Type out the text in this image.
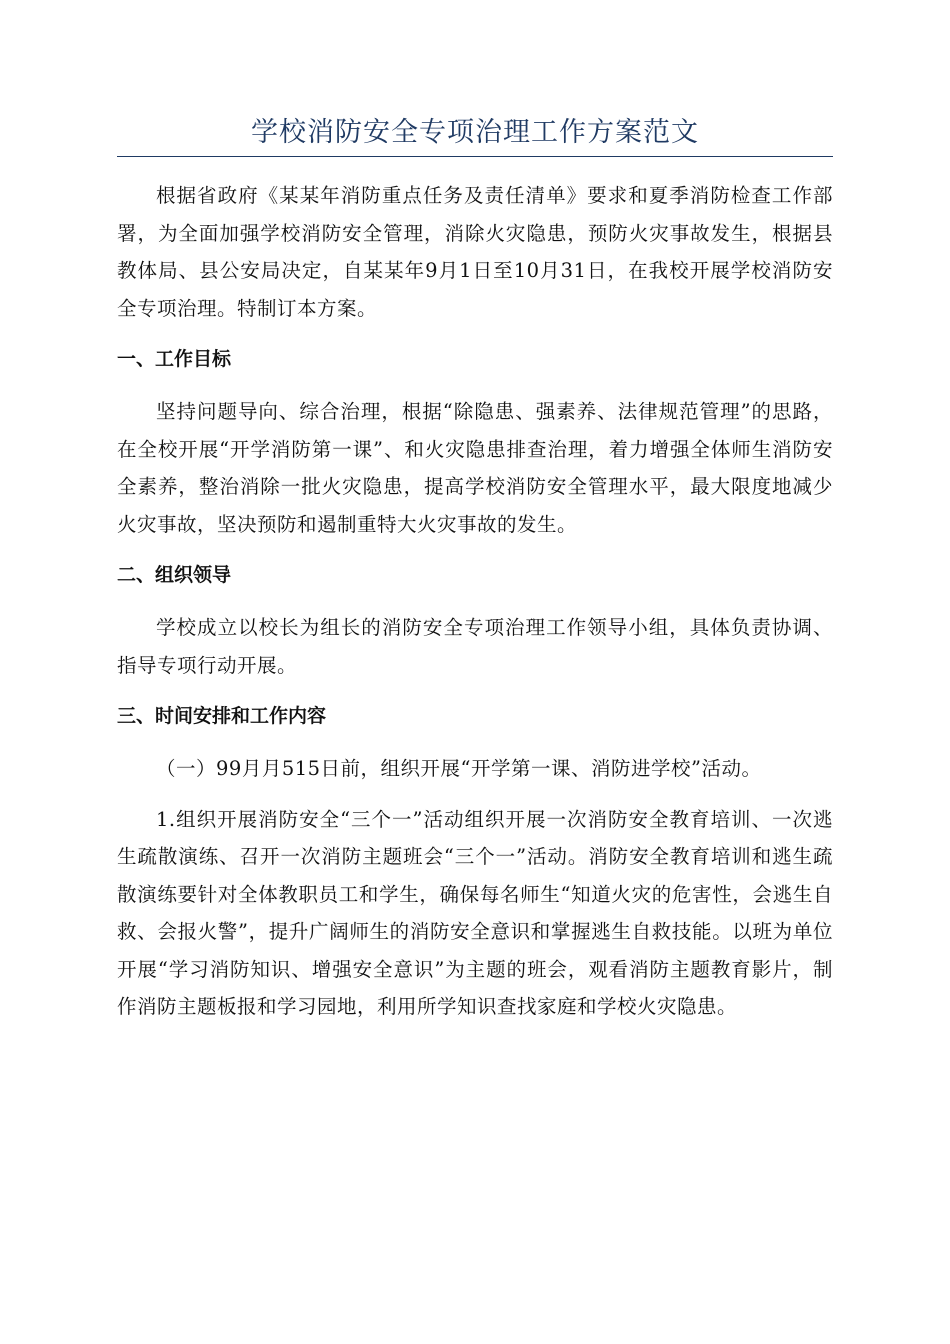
学校消防安全专项治理工作方案范文

根据省政府《某某年消防重点任务及责任清单》要求和夏季消防检查工作部署，为全面加强学校消防安全管理，消除火灾隐患，预防火灾事故发生，根据县教体局、县公安局决定，自某某年9月1日至10月31日，在我校开展学校消防安全专项治理。特制订本方案。

一、工作目标

坚持问题导向、综合治理，根据“除隐患、强素养、法律规范管理”的思路，在全校开展“开学消防第一课”、和火灾隐患排查治理，着力增强全体师生消防安全素养，整治消除一批火灾隐患，提高学校消防安全管理水平，最大限度地减少火灾事故，坚决预防和遏制重特大火灾事故的发生。

二、组织领导

学校成立以校长为组长的消防安全专项治理工作领导小组，具体负责协调、指导专项行动开展。

三、时间安排和工作内容

（一）99月月515日前，组织开展“开学第一课、消防进学校”活动。

1.组织开展消防安全“三个一”活动组织开展一次消防安全教育培训、一次逃生疏散演练、召开一次消防主题班会“三个一”活动。消防安全教育培训和逃生疏散演练要针对全体教职员工和学生，确保每名师生“知道火灾的危害性，会逃生自救、会报火警”，提升广阔师生的消防安全意识和掌握逃生自救技能。以班为单位开展“学习消防知识、增强安全意识”为主题的班会，观看消防主题教育影片，制作消防主题板报和学习园地，利用所学知识查找家庭和学校火灾隐患。
